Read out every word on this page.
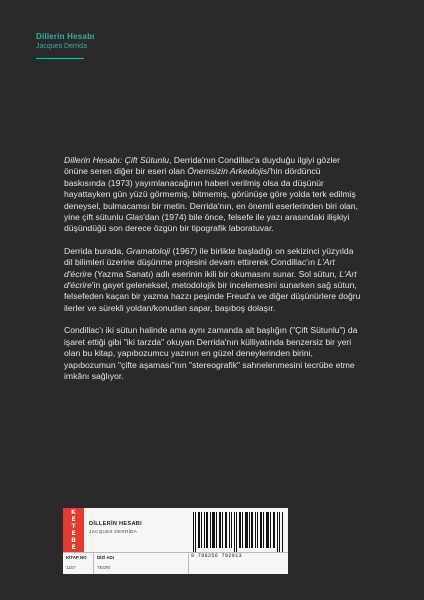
Dillerin Hesabı
Jacques Derrida

Dillerin Hesabı: Çift Sütunlu, Derrida'nın Condillac'a duyduğu ilgiyi gözler önüne seren diğer bir eseri olan Önemsizin Arkeolojisi'hin dördüncü baskısında (1973) yayımlanacağının haberi verilmiş olsa da düşünür hayattayken gün yüzü görmemiş, bitmemiş, görünüşe göre yolda terk edilmiş deneysel, bulmacamsı bir metin. Derrida'nın, en önemli eserlerinden biri olan, yine çift sütunlu Glas'dan (1974) bile önce, felsefe ile yazı arasındaki ilişkiyi düşündüğü son derece özgün bir tipografik laboratuvar.

Derrida burada, Gramatoloji (1967) ile birlikte başladığı on sekizinci yüzyılda dil bilimleri üzerine düşünme projesini devam ettirerek Condillac'ın L'Art d'écrire (Yazma Sanatı) adlı eserinin ikili bir okumasını sunar. Sol sütun, L'Art d'écrire'in gayet geleneksel, metodolojik bir incelemesini sunarken sağ sütun, felsefeden kaçan bir yazma hazzı peşinde Freud'a ve diğer düşünürlere doğru ilerler ve sürekli yoldan/konudan sapar, başıboş dolaşır.

Condillac'ı iki sütun halinde ama aynı zamanda alt başlığın ("Çift Sütunlu") da işaret ettiği gibi "iki tarzda" okuyan Derrida'nın külliyatında benzersiz bir yeri olan bu kitap, yapıbozumcu yazının en güzel deneylerinden birini, yapıbozumun "çifte aşaması"nın "stereografik" sahnelenmesini tecrübe etme imkânı sağlıyor.

K
E
T
E
B
E
DİLLERİN HESABI
JACQUES DERRİDA
9 786256 792913
KİTAP NO DİZİ ADI
1157	TEORİ
